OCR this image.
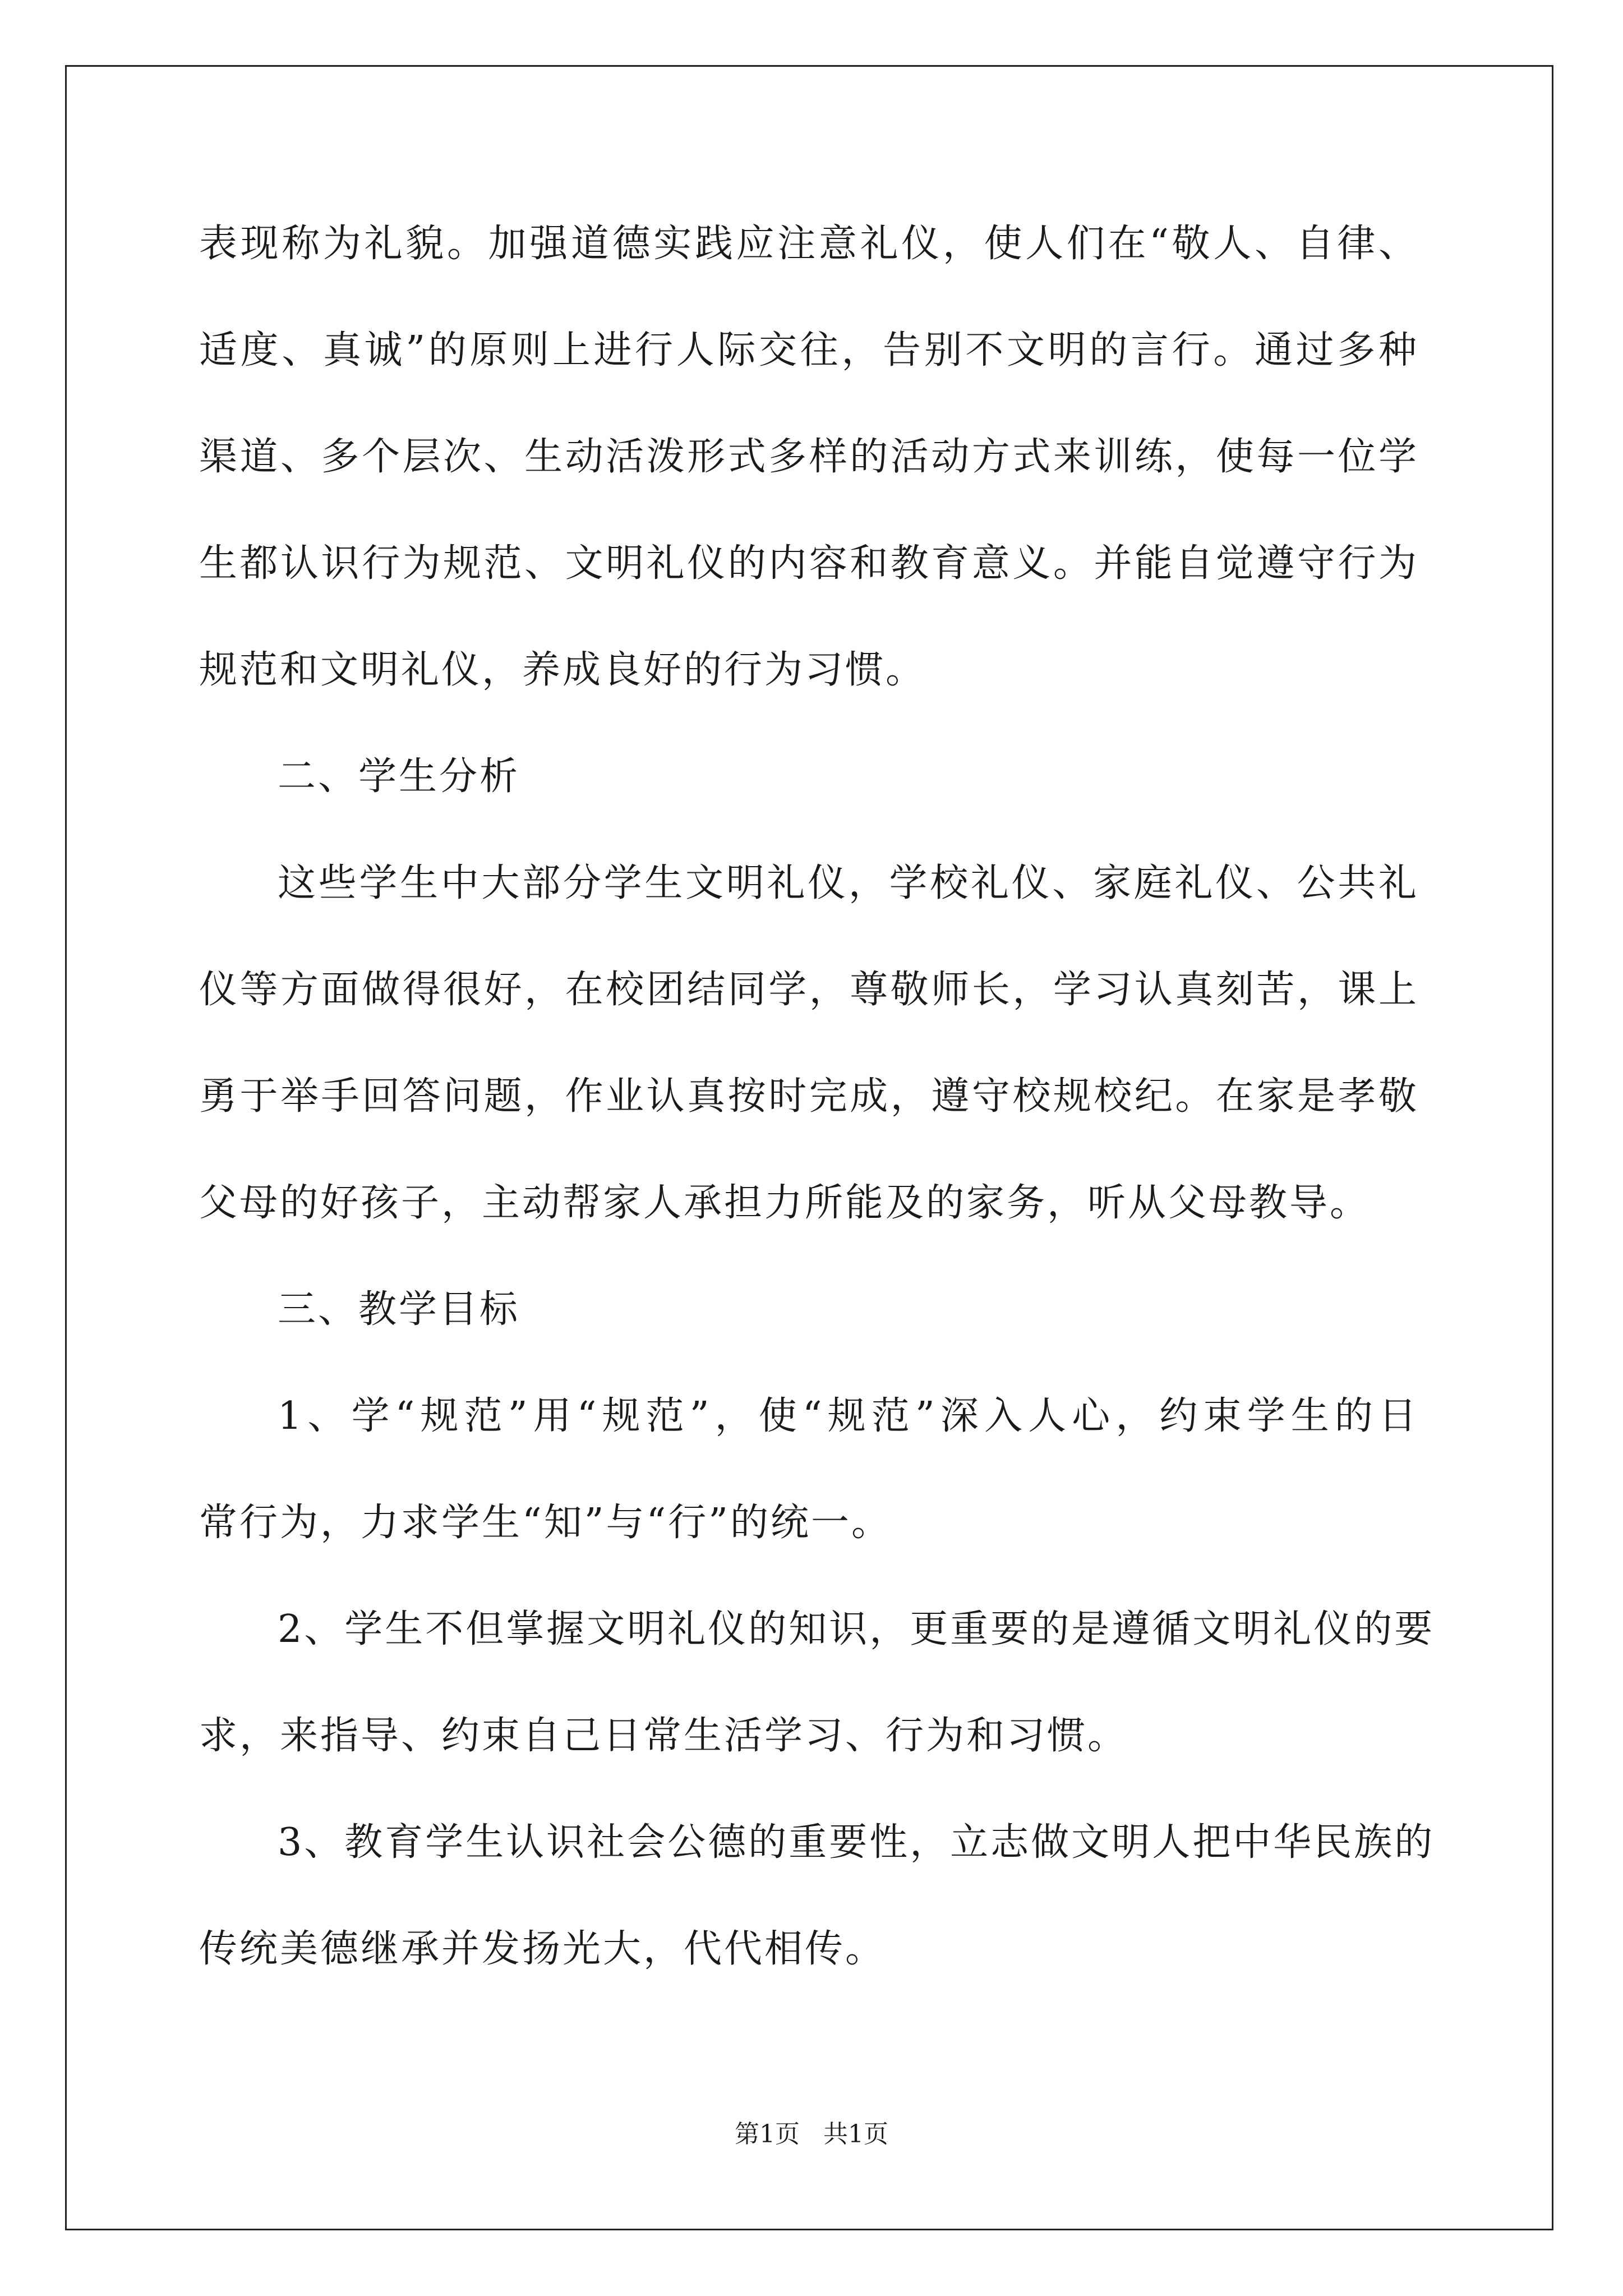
表现称为礼貌。加强道德实践应注意礼仪，使人们在“敬人、自律、
适度、真诚”的原则上进行人际交往，告别不文明的言行。通过多种
渠道、多个层次、生动活泼形式多样的活动方式来训练，使每一位学
生都认识行为规范、文明礼仪的内容和教育意义。并能自觉遵守行为
规范和文明礼仪，养成良好的行为习惯。
二、学生分析
这些学生中大部分学生文明礼仪，学校礼仪、家庭礼仪、公共礼
仪等方面做得很好，在校团结同学，尊敬师长，学习认真刻苦，课上
勇于举手回答问题，作业认真按时完成，遵守校规校纪。在家是孝敬
父母的好孩子，主动帮家人承担力所能及的家务，听从父母教导。
三、教学目标
1、学“规范”用“规范”，使“规范”深入人心，约束学生的日
常行为，力求学生“知”与“行”的统一。
2、学生不但掌握文明礼仪的知识，更重要的是遵循文明礼仪的要
求，来指导、约束自己日常生活学习、行为和习惯。
3、教育学生认识社会公德的重要性，立志做文明人把中华民族的
传统美德继承并发扬光大，代代相传。
第1页 共1页
